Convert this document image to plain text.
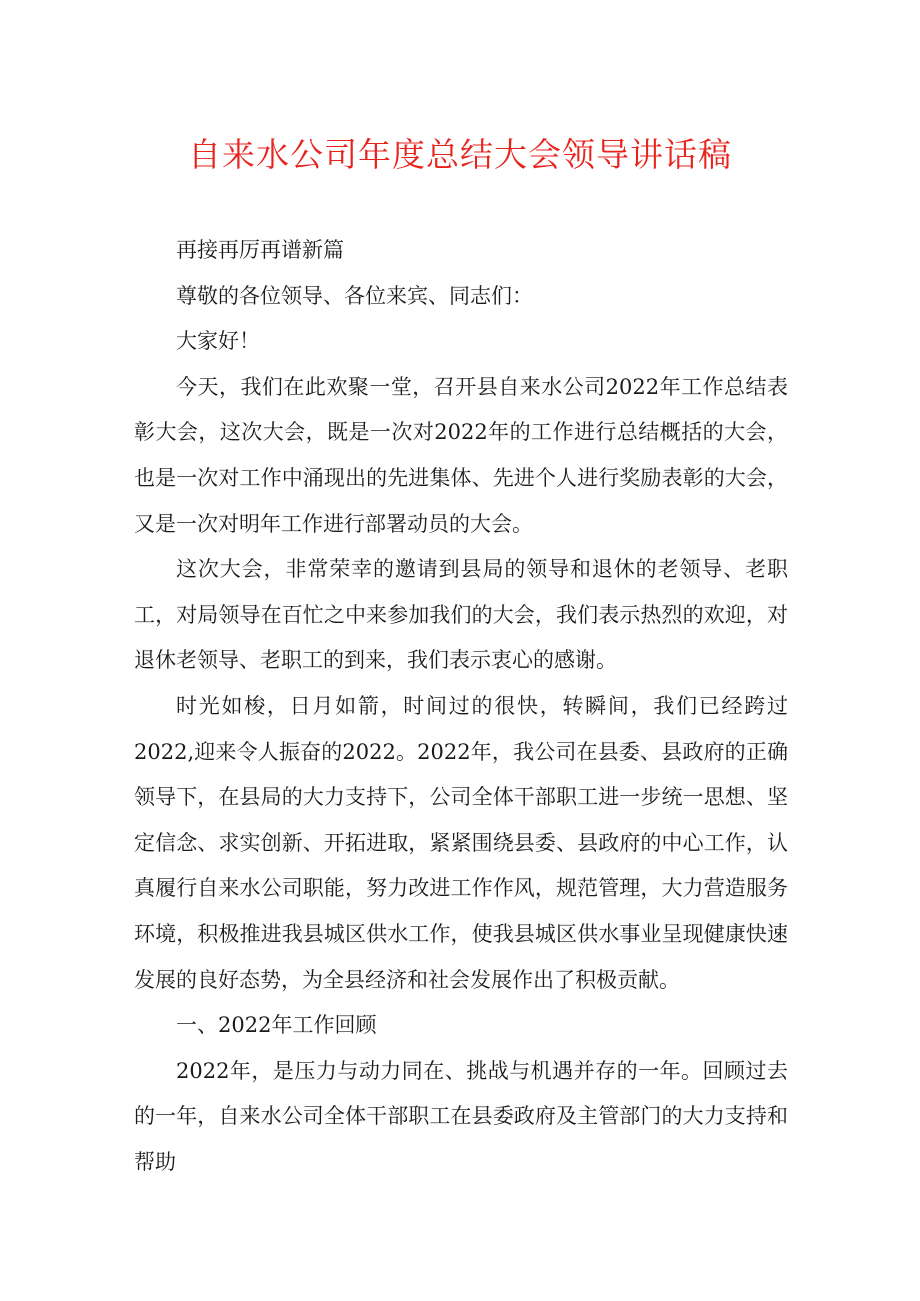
自来水公司年度总结大会领导讲话稿

再接再厉再谱新篇

尊敬的各位领导、各位来宾、同志们：

大家好！

今天，我们在此欢聚一堂，召开县自来水公司2022年工作总结表彰大会，这次大会，既是一次对2022年的工作进行总结概括的大会，也是一次对工作中涌现出的先进集体、先进个人进行奖励表彰的大会，又是一次对明年工作进行部署动员的大会。

这次大会，非常荣幸的邀请到县局的领导和退休的老领导、老职工，对局领导在百忙之中来参加我们的大会，我们表示热烈的欢迎，对退休老领导、老职工的到来，我们表示衷心的感谢。

时光如梭，日月如箭，时间过的很快，转瞬间，我们已经跨过2022,迎来令人振奋的2022。2022年，我公司在县委、县政府的正确领导下，在县局的大力支持下，公司全体干部职工进一步统一思想、坚定信念、求实创新、开拓进取，紧紧围绕县委、县政府的中心工作，认真履行自来水公司职能，努力改进工作作风，规范管理，大力营造服务环境，积极推进我县城区供水工作，使我县城区供水事业呈现健康快速发展的良好态势，为全县经济和社会发展作出了积极贡献。

一、2022年工作回顾

2022年，是压力与动力同在、挑战与机遇并存的一年。回顾过去的一年，自来水公司全体干部职工在县委政府及主管部门的大力支持和帮助
